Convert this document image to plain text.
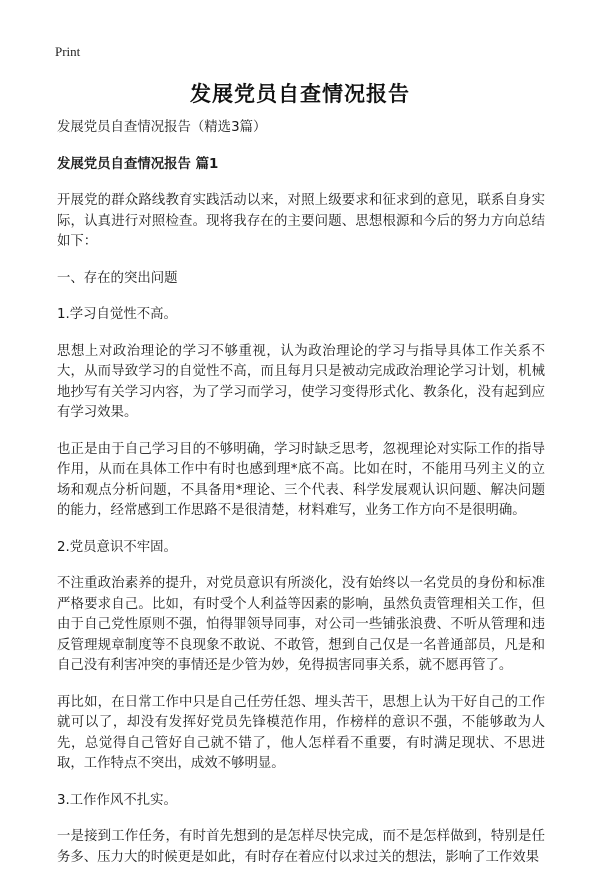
Print
发展党员自查情况报告

发展党员自查情况报告（精选3篇）

发展党员自查情况报告 篇1

开展党的群众路线教育实践活动以来，对照上级要求和征求到的意见，联系自身实际，认真进行对照检查。现将我存在的主要问题、思想根源和今后的努力方向总结如下：

一、存在的突出问题

1.学习自觉性不高。

思想上对政治理论的学习不够重视，认为政治理论的学习与指导具体工作关系不大，从而导致学习的自觉性不高，而且每月只是被动完成政治理论学习计划，机械地抄写有关学习内容，为了学习而学习，使学习变得形式化、教条化，没有起到应有学习效果。

也正是由于自己学习目的不够明确，学习时缺乏思考，忽视理论对实际工作的指导作用，从而在具体工作中有时也感到理*底不高。比如在时，不能用马列主义的立场和观点分析问题，不具备用*理论、三个代表、科学发展观认识问题、解决问题的能力，经常感到工作思路不是很清楚，材料难写，业务工作方向不是很明确。

2.党员意识不牢固。

不注重政治素养的提升，对党员意识有所淡化，没有始终以一名党员的身份和标准严格要求自己。比如，有时受个人利益等因素的影响，虽然负责管理相关工作，但由于自己党性原则不强，怕得罪领导同事，对公司一些铺张浪费、不听从管理和违反管理规章制度等不良现象不敢说、不敢管，想到自己仅是一名普通部员，凡是和自己没有利害冲突的事情还是少管为妙，免得损害同事关系，就不愿再管了。

再比如，在日常工作中只是自己任劳任怨、埋头苦干，思想上认为干好自己的工作就可以了，却没有发挥好党员先锋模范作用，作榜样的意识不强，不能够敢为人先，总觉得自己管好自己就不错了，他人怎样看不重要，有时满足现状、不思进取，工作特点不突出，成效不够明显。

3.工作作风不扎实。

一是接到工作任务，有时首先想到的是怎样尽快完成，而不是怎样做到，特别是任务多、压力大的时候更是如此，有时存在着应付以求过关的想法，影响了工作效果
